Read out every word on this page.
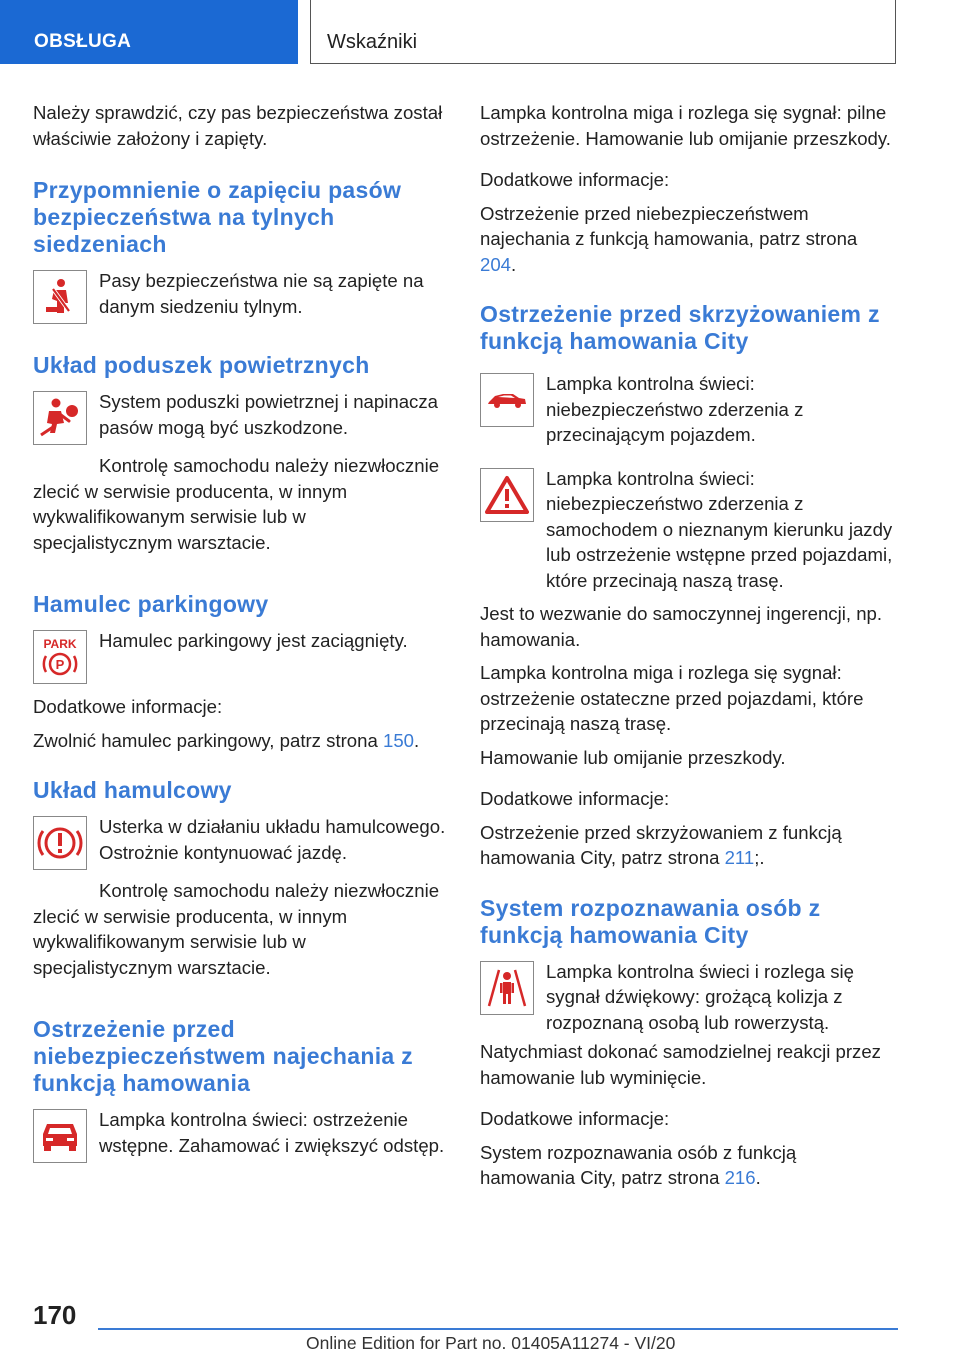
OBSŁUGA	Wskaźniki

Należy sprawdzić, czy pas bezpieczeństwa został właściwie założony i zapięty.

Przypomnienie o zapięciu pasów bezpieczeństwa na tylnych siedzeniach

Pasy bezpieczeństwa nie są zapięte na danym siedzeniu tylnym.

Układ poduszek powietrznych

System poduszki powietrznej i napinacza pasów mogą być uszkodzone.

Kontrolę samochodu należy niezwłocznie zlecić w serwisie producenta, w innym wykwalifikowanym serwisie lub w specjalistycznym warsztacie.

Hamulec parkingowy
PARK
P

Hamulec parkingowy jest zaciągnięty.

Dodatkowe informacje:

Zwolnić hamulec parkingowy, patrz strona 150.

Układ hamulcowy

Usterka w działaniu układu hamulcowego. Ostrożnie kontynuować jazdę.

Kontrolę samochodu należy niezwłocznie zlecić w serwisie producenta, w innym wykwalifikowanym serwisie lub w specjalistycznym warsztacie.

Ostrzeżenie przed niebezpieczeństwem najechania z funkcją hamowania

Lampka kontrolna świeci: ostrzeżenie wstępne. Zahamować i zwiększyć odstęp.

Lampka kontrolna miga i rozlega się sygnał: pilne ostrzeżenie. Hamowanie lub omijanie przeszkody.

Dodatkowe informacje:

Ostrzeżenie przed niebezpieczeństwem najechania z funkcją hamowania, patrz strona 204.

Ostrzeżenie przed skrzyżowaniem z funkcją hamowania City

Lampka kontrolna świeci: niebezpieczeństwo zderzenia z przecinającym pojazdem.

Lampka kontrolna świeci: niebezpieczeństwo zderzenia z samochodem o nieznanym kierunku jazdy lub ostrzeżenie wstępne przed pojazdami, które przecinają naszą trasę.

Jest to wezwanie do samoczynnej ingerencji, np. hamowania.

Lampka kontrolna miga i rozlega się sygnał: ostrzeżenie ostateczne przed pojazdami, które przecinają naszą trasę.

Hamowanie lub omijanie przeszkody.

Dodatkowe informacje:

Ostrzeżenie przed skrzyżowaniem z funkcją hamowania City, patrz strona 211;.

System rozpoznawania osób z funkcją hamowania City

Lampka kontrolna świeci i rozlega się sygnał dźwiękowy: grożącą kolizja z rozpoznaną osobą lub rowerzystą.

Natychmiast dokonać samodzielnej reakcji przez hamowanie lub wyminięcie.

Dodatkowe informacje:

System rozpoznawania osób z funkcją hamowania City, patrz strona 216.

170
Online Edition for Part no. 01405A11274 - VI/20
